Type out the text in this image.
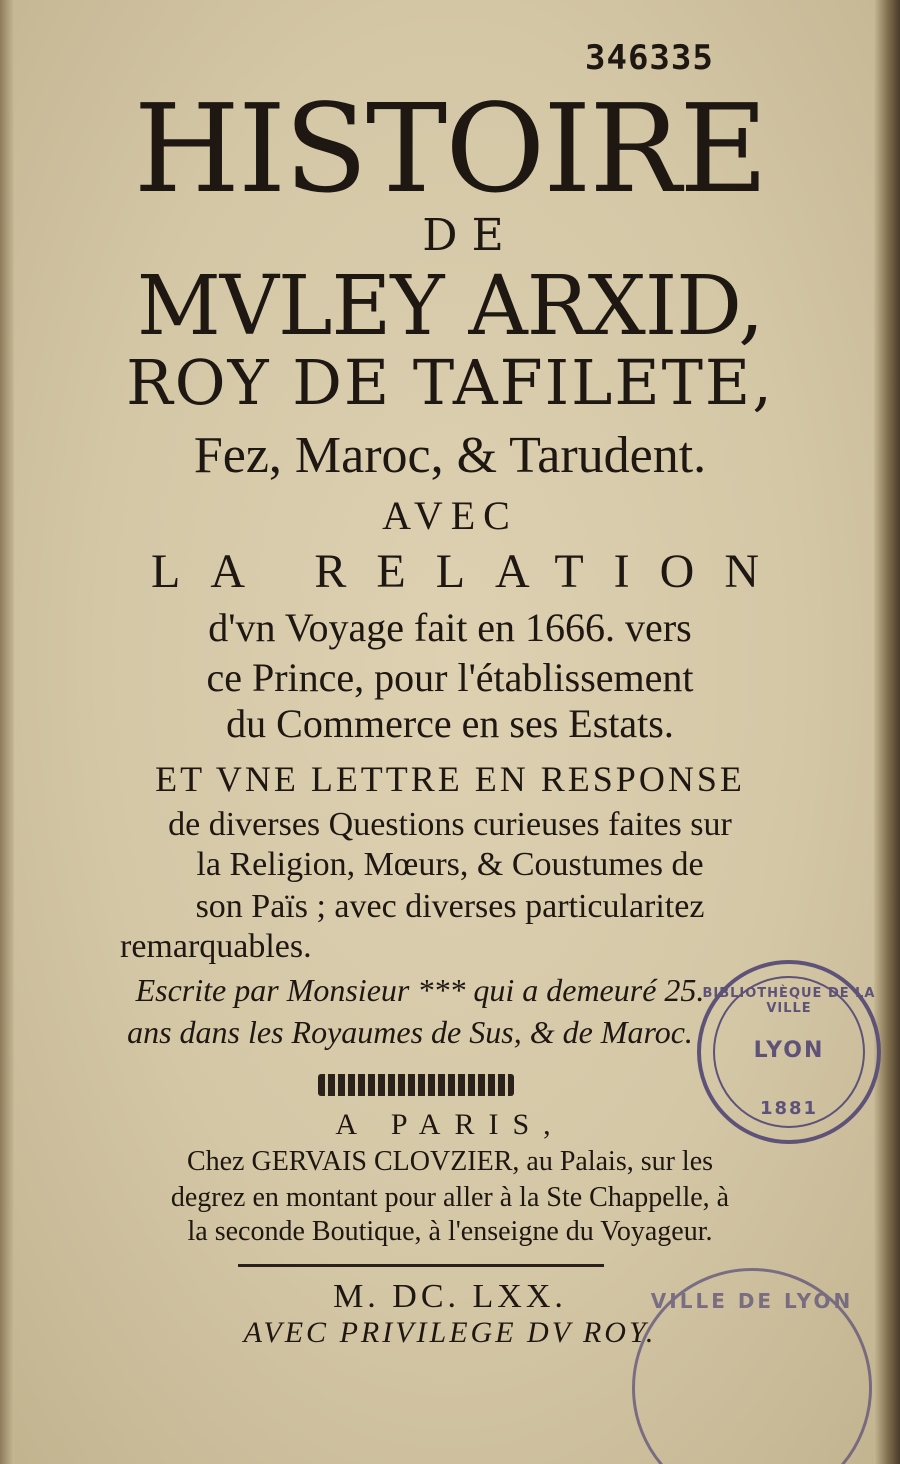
346335

HISTOIRE

DE

MVLEY ARXID,

ROY DE TAFILETE,

Fez, Maroc, & Tarudent.

AVEC

LA RELATION

d'vn Voyage fait en 1666. vers

ce Prince, pour l'établissement

du Commerce en ses Estats.

ET VNE LETTRE EN RESPONSE

de diverses Questions curieuses faites sur

la Religion, Mœurs, & Coustumes de

son Païs ; avec diverses particularitez

remarquables.

Escrite par Monsieur *** qui a demeuré 25.

ans dans les Royaumes de Sus, & de Maroc.

A PARIS,

Chez GERVAIS CLOVZIER, au Palais, sur les

degrez en montant pour aller à la Ste Chappelle, à

la seconde Boutique, à l'enseigne du Voyageur.

M. DC. LXX.

AVEC PRIVILEGE DV ROY.

BIBLIOTHÈQUE DE LA VILLE
LYON
1881
VILLE DE LYON
